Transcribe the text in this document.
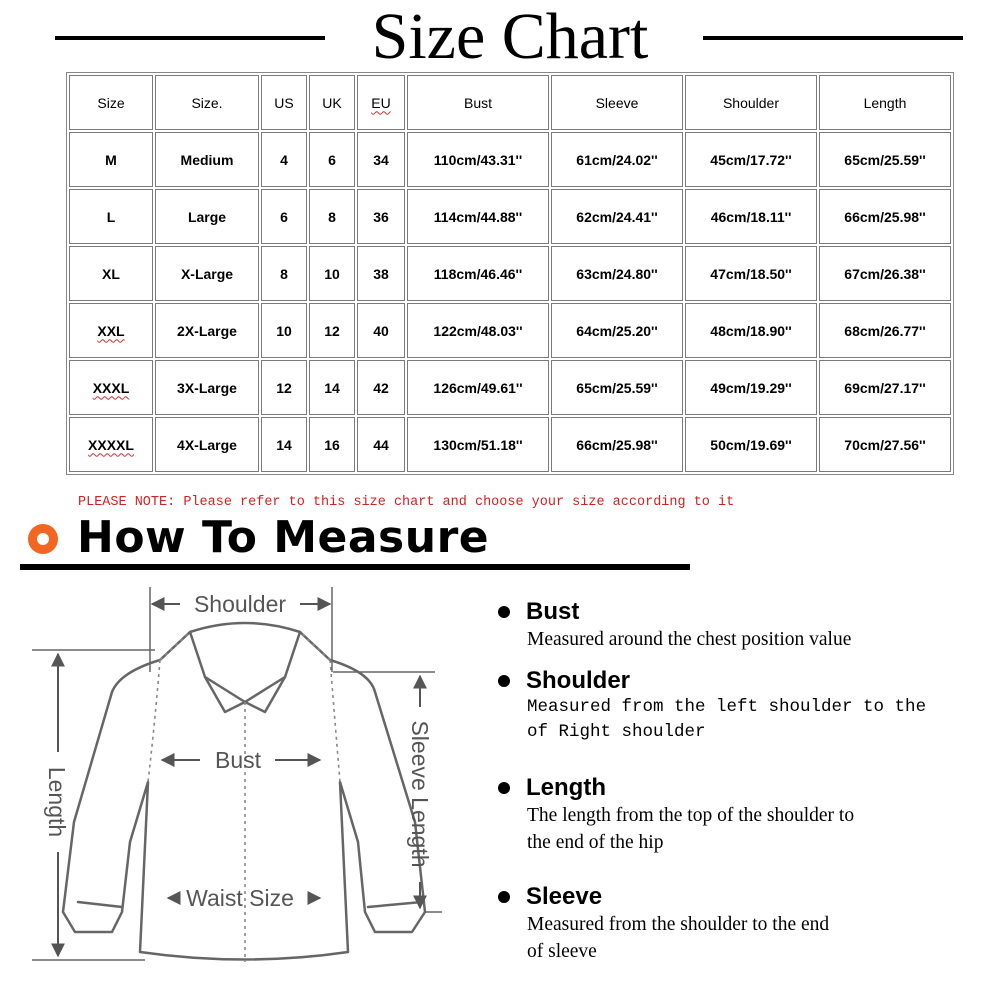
Size Chart
Size	Size.	US	UK	EU	Bust	Sleeve	Shoulder	Length
M	Medium	4	6	34	110cm/43.31''	61cm/24.02''	45cm/17.72''	65cm/25.59''
L	Large	6	8	36	114cm/44.88''	62cm/24.41''	46cm/18.11''	66cm/25.98''
XL	X-Large	8	10	38	118cm/46.46''	63cm/24.80''	47cm/18.50''	67cm/26.38''
XXL	2X-Large	10	12	40	122cm/48.03''	64cm/25.20''	48cm/18.90''	68cm/26.77''
XXXL	3X-Large	12	14	42	126cm/49.61''	65cm/25.59''	49cm/19.29''	69cm/27.17''
XXXXL	4X-Large	14	16	44	130cm/51.18''	66cm/25.98''	50cm/19.69''	70cm/27.56''
PLEASE NOTE: Please refer to this size chart and choose your size according to it
How To Measure
Shoulder
Bust
Waist Size
Length	Sleeve Length
Bust
Measured around the chest position value
Shoulder
Measured from the left shoulder to the
of Right shoulder
Length
The length from the top of the shoulder to
the end of the hip
Sleeve
Measured from the shoulder to the end
of sleeve
